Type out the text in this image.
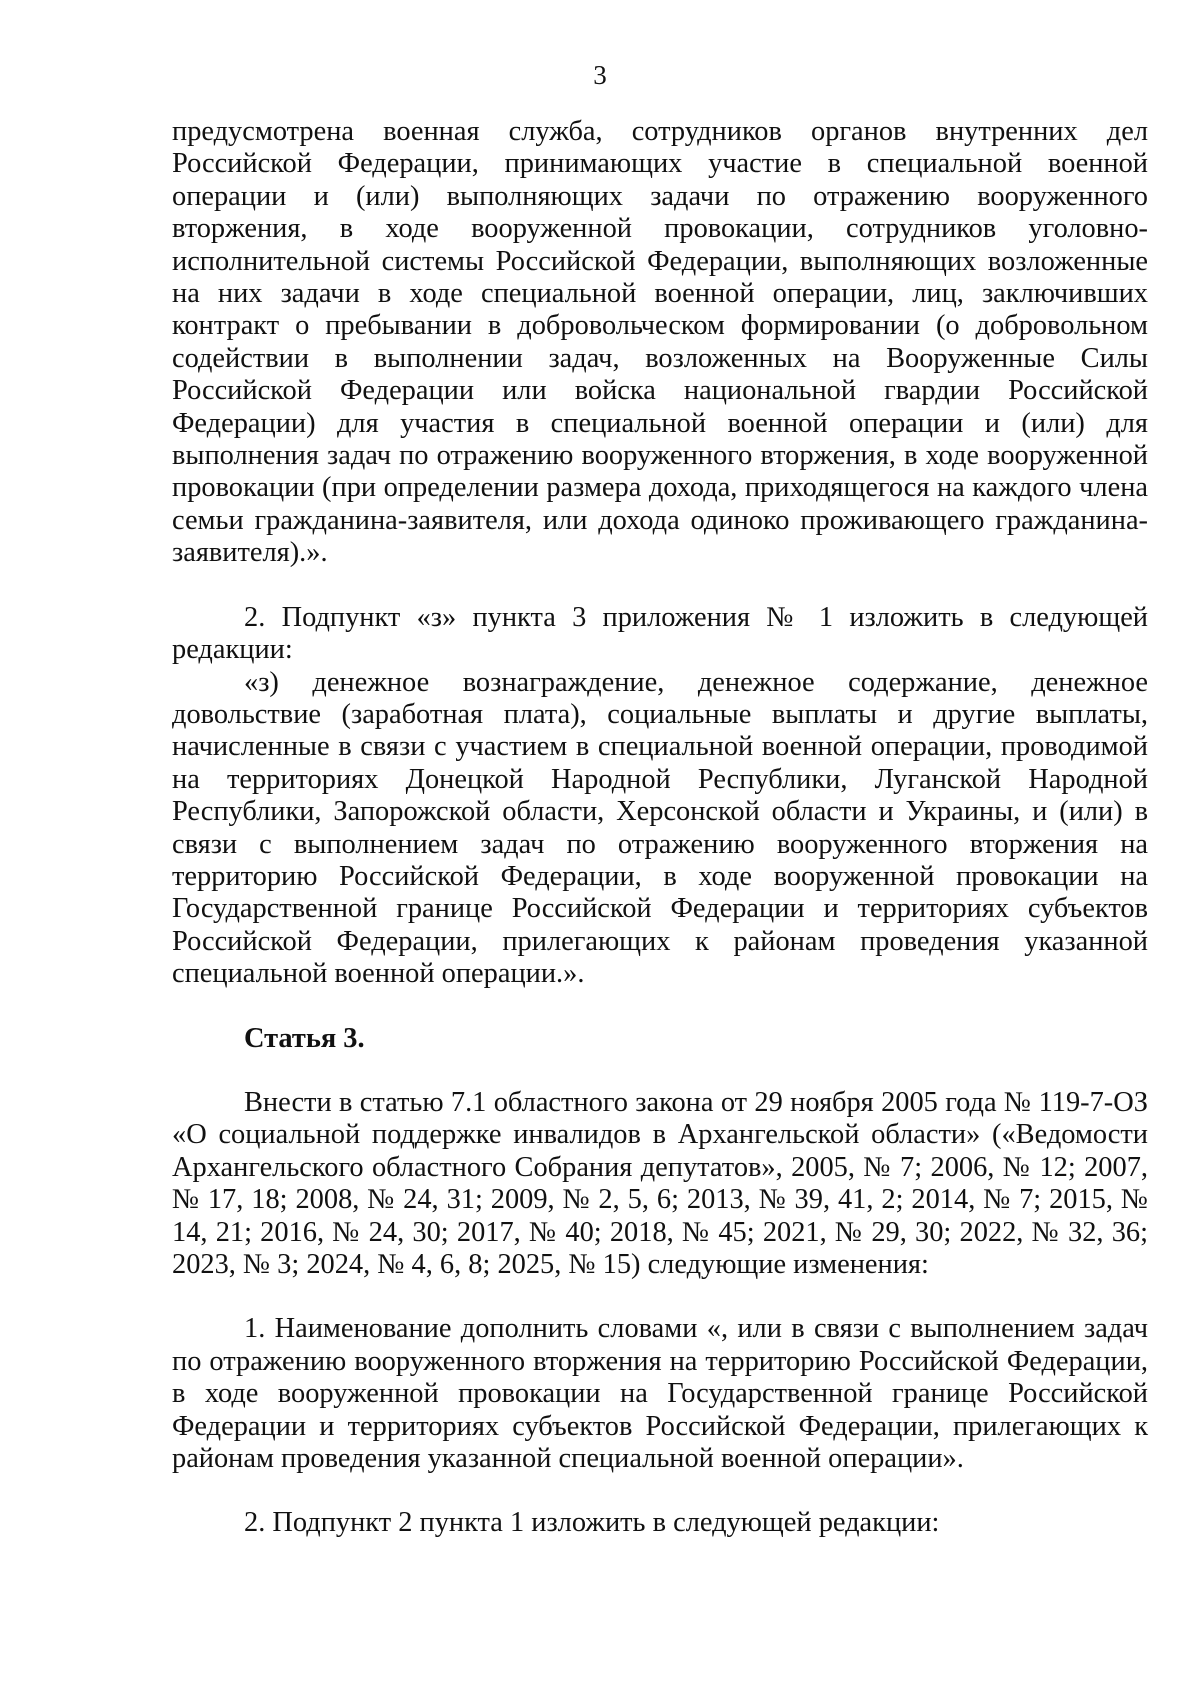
3

предусмотрена военная служба, сотрудников органов внутренних дел Российской Федерации, принимающих участие в специальной военной операции и (или) выполняющих задачи по отражению вооруженного вторжения, в ходе вооруженной провокации, сотрудников уголовно-исполнительной системы Российской Федерации, выполняющих возложенные на них задачи в ходе специальной военной операции, лиц, заключивших контракт о пребывании в добровольческом формировании (о добровольном содействии в выполнении задач, возложенных на Вооруженные Силы Российской Федерации или войска национальной гвардии Российской Федерации) для участия в специальной военной операции и (или) для выполнения задач по отражению вооруженного вторжения, в ходе вооруженной провокации (при определении размера дохода, приходящегося на каждого члена семьи гражданина-заявителя, или дохода одиноко проживающего гражданина-заявителя).».

2. Подпункт «з» пункта 3 приложения № 1 изложить в следующей редакции:

«з) денежное вознаграждение, денежное содержание, денежное довольствие (заработная плата), социальные выплаты и другие выплаты, начисленные в связи с участием в специальной военной операции, проводимой на территориях Донецкой Народной Республики, Луганской Народной Республики, Запорожской области, Херсонской области и Украины, и (или) в связи с выполнением задач по отражению вооруженного вторжения на территорию Российской Федерации, в ходе вооруженной провокации на Государственной границе Российской Федерации и территориях субъектов Российской Федерации, прилегающих к районам проведения указанной специальной военной операции.».

Статья 3.

Внести в статью 7.1 областного закона от 29 ноября 2005 года № 119-7-ОЗ «О социальной поддержке инвалидов в Архангельской области» («Ведомости Архангельского областного Собрания депутатов», 2005, № 7; 2006, № 12; 2007, № 17, 18; 2008, № 24, 31; 2009, № 2, 5, 6; 2013, № 39, 41, 2; 2014, № 7; 2015, № 14, 21; 2016, № 24, 30; 2017, № 40; 2018, № 45; 2021, № 29, 30; 2022, № 32, 36; 2023, № 3; 2024, № 4, 6, 8; 2025, № 15) следующие изменения:

1. Наименование дополнить словами «, или в связи с выполнением задач по отражению вооруженного вторжения на территорию Российской Федерации, в ходе вооруженной провокации на Государственной границе Российской Федерации и территориях субъектов Российской Федерации, прилегающих к районам проведения указанной специальной военной операции».

2. Подпункт 2 пункта 1 изложить в следующей редакции:
